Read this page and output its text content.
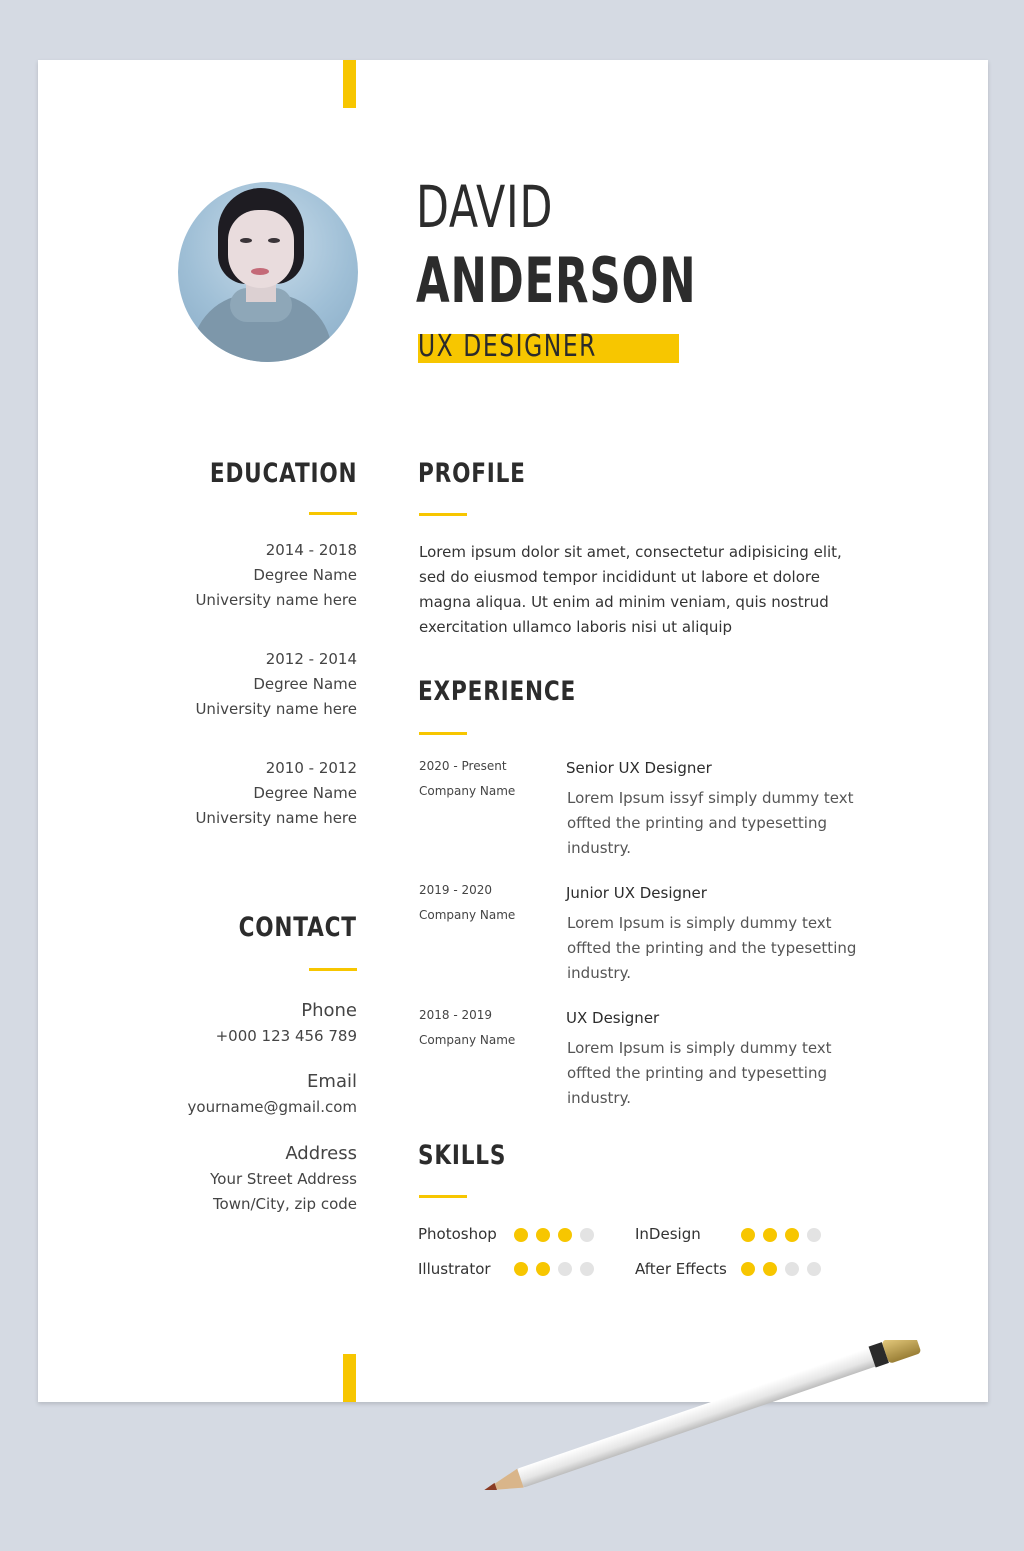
DAVID
ANDERSON
UX DESIGNER
EDUCATION
2014 - 2018
Degree Name
University name here
2012 - 2014
Degree Name
University name here
2010 - 2012
Degree Name
University name here
CONTACT
Phone
+000 123 456 789
Email
yourname@gmail.com
Address
Your Street Address
Town/City, zip code
PROFILE
Lorem ipsum dolor sit amet, consectetur adipisicing elit, sed do eiusmod tempor incididunt ut labore et dolore magna aliqua. Ut enim ad minim veniam, quis nostrud exercitation ullamco laboris nisi ut aliquip
EXPERIENCE
2020 - Present
Company Name
Senior UX Designer
Lorem Ipsum issyf simply dummy text offted the printing and typesetting industry.
2019 - 2020
Company Name
Junior UX Designer
Lorem Ipsum is simply dummy text offted the printing and the typesetting industry.
2018 - 2019
Company Name
UX Designer
Lorem Ipsum is simply dummy text offted the printing and typesetting industry.
SKILLS
Photoshop	InDesign
Illustrator	After Effects
